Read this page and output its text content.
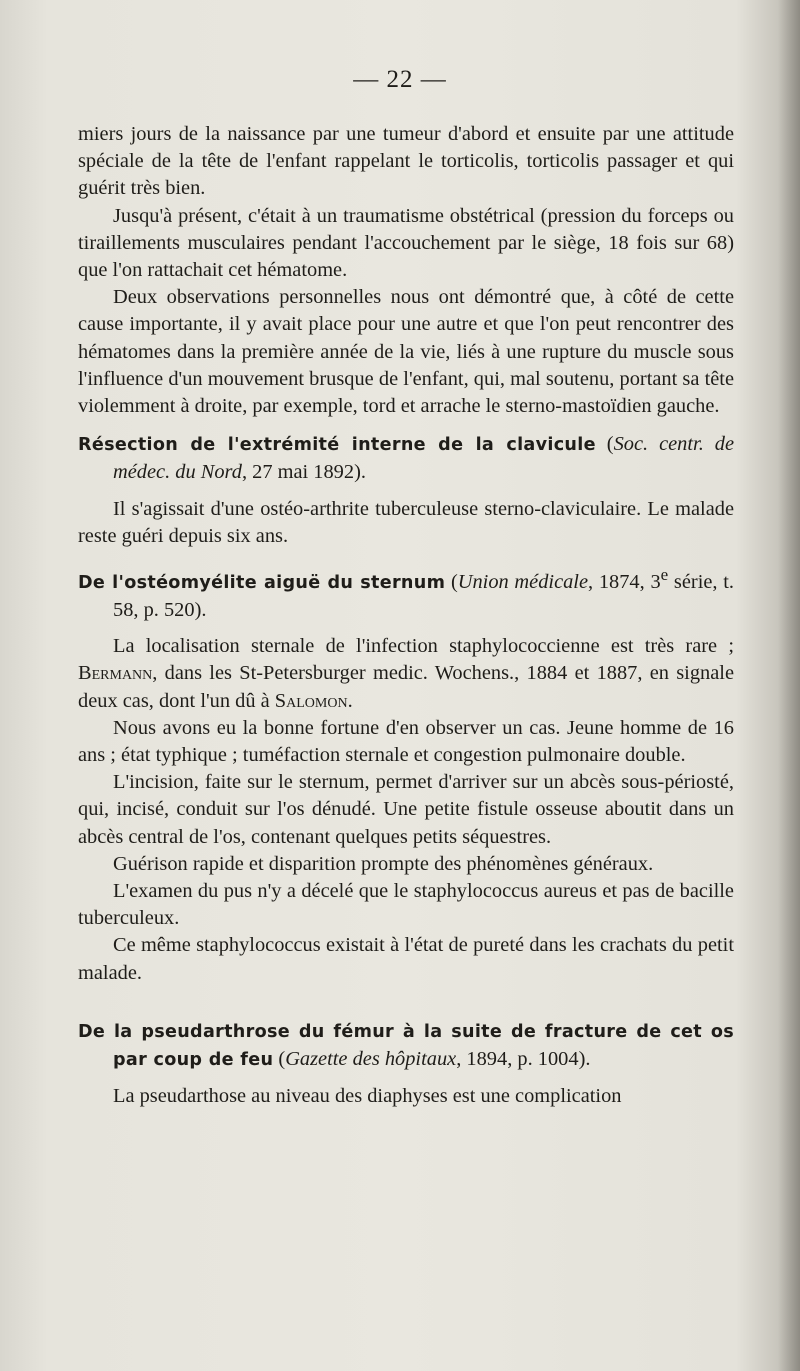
— 22 —

miers jours de la naissance par une tumeur d'abord et ensuite par une attitude spéciale de la tête de l'enfant rappelant le torticolis, torticolis passager et qui guérit très bien.

Jusqu'à présent, c'était à un traumatisme obstétrical (pression du forceps ou tiraillements musculaires pendant l'accouchement par le siège, 18 fois sur 68) que l'on rattachait cet hématome.

Deux observations personnelles nous ont démontré que, à côté de cette cause importante, il y avait place pour une autre et que l'on peut rencontrer des hématomes dans la première année de la vie, liés à une rupture du muscle sous l'influence d'un mouvement brusque de l'enfant, qui, mal soutenu, portant sa tête violemment à droite, par exemple, tord et arrache le sterno-mastoïdien gauche.

Résection de l'extrémité interne de la clavicule (Soc. centr. de médec. du Nord, 27 mai 1892).

Il s'agissait d'une ostéo-arthrite tuberculeuse sterno-claviculaire. Le malade reste guéri depuis six ans.

De l'ostéomyélite aiguë du sternum (Union médicale, 1874, 3e série, t. 58, p. 520).

La localisation sternale de l'infection staphylococcienne est très rare ; Bermann, dans les St-Petersburger medic. Wochens., 1884 et 1887, en signale deux cas, dont l'un dû à Salomon.

Nous avons eu la bonne fortune d'en observer un cas. Jeune homme de 16 ans ; état typhique ; tuméfaction sternale et congestion pulmonaire double.

L'incision, faite sur le sternum, permet d'arriver sur un abcès sous-périosté, qui, incisé, conduit sur l'os dénudé. Une petite fistule osseuse aboutit dans un abcès central de l'os, contenant quelques petits séquestres.

Guérison rapide et disparition prompte des phénomènes généraux.

L'examen du pus n'y a décelé que le staphylococcus aureus et pas de bacille tuberculeux.

Ce même staphylococcus existait à l'état de pureté dans les crachats du petit malade.

De la pseudarthrose du fémur à la suite de fracture de cet os par coup de feu (Gazette des hôpitaux, 1894, p. 1004).

La pseudarthose au niveau des diaphyses est une complication
